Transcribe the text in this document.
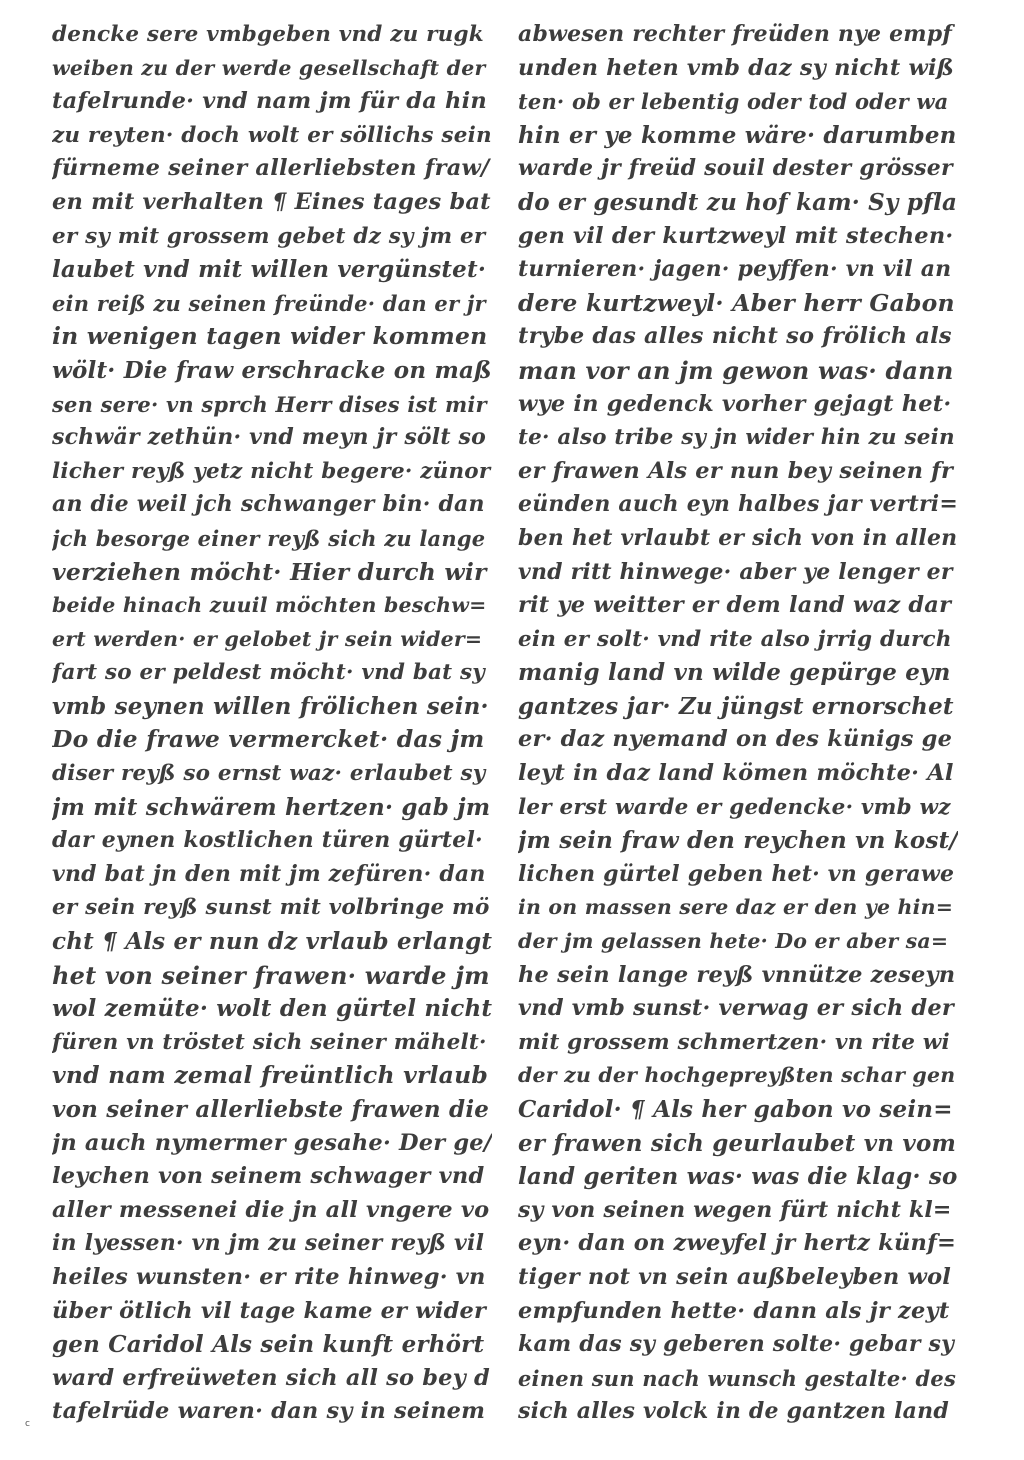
dencke sere vmbgeben vnd zu rugk
weiben zu der werde gesellschaft der
tafelrunde· vnd nam jm für da hin
zu reyten· doch wolt er söllichs sein
fürneme seiner allerliebsten fraw/
en mit verhalten ¶ Eines tages bat
er sy mit grossem gebet dz sy jm er
laubet vnd mit willen vergünstet·
ein reiß zu seinen freünde· dan er jr
in wenigen tagen wider kommen
wölt· Die fraw erschracke on maß
sen sere· vn sprch Herr dises ist mir
schwär zethün· vnd meyn jr sölt so
licher reyß yetz nicht begere· zünor
an die weil jch schwanger bin· dan
jch besorge einer reyß sich zu lange
verziehen möcht· Hier durch wir
beide hinach zuuil möchten beschw=
ert werden· er gelobet jr sein wider=
fart so er peldest möcht· vnd bat sy
vmb seynen willen frölichen sein·
Do die frawe vermercket· das jm
diser reyß so ernst waz· erlaubet sy
jm mit schwärem hertzen· gab jm
dar eynen kostlichen türen gürtel·
vnd bat jn den mit jm zefüren· dan
er sein reyß sunst mit volbringe mö
cht ¶ Als er nun dz vrlaub erlangt
het von seiner frawen· warde jm
wol zemüte· wolt den gürtel nicht
füren vn tröstet sich seiner mähelt·
vnd nam zemal freüntlich vrlaub
von seiner allerliebste frawen die
jn auch nymermer gesahe· Der ge/
leychen von seinem schwager vnd
aller messenei die jn all vngere vo
in lyessen· vn jm zu seiner reyß vil
heiles wunsten· er rite hinweg· vn
über ötlich vil tage kame er wider
gen Caridol Als sein kunft erhört
ward erfreüweten sich all so bey d
tafelrüde waren· dan sy in seinem
abwesen rechter freüden nye empf
unden heten vmb daz sy nicht wiß
ten· ob er lebentig oder tod oder wa
hin er ye komme wäre· darumben
warde jr freüd souil dester grösser
do er gesundt zu hof kam· Sy pfla
gen vil der kurtzweyl mit stechen·
turnieren· jagen· peyffen· vn vil an
dere kurtzweyl· Aber herr Gabon
trybe das alles nicht so frölich als
man vor an jm gewon was· dann
wye in gedenck vorher gejagt het·
te· also tribe sy jn wider hin zu sein
er frawen Als er nun bey seinen fr
eünden auch eyn halbes jar vertri=
ben het vrlaubt er sich von in allen
vnd ritt hinwege· aber ye lenger er
rit ye weitter er dem land waz dar
ein er solt· vnd rite also jrrig durch
manig land vn wilde gepürge eyn
gantzes jar· Zu jüngst ernorschet
er· daz nyemand on des künigs ge
leyt in daz land kömen möchte· Al
ler erst warde er gedencke· vmb wz
jm sein fraw den reychen vn kost/
lichen gürtel geben het· vn gerawe
in on massen sere daz er den ye hin=
der jm gelassen hete· Do er aber sa=
he sein lange reyß vnnütze zeseyn
vnd vmb sunst· verwag er sich der
mit grossem schmertzen· vn rite wi
der zu der hochgepreyßten schar gen
Caridol· ¶ Als her gabon vo sein=
er frawen sich geurlaubet vn vom
land geriten was· was die klag· so
sy von seinen wegen fürt nicht kl=
eyn· dan on zweyfel jr hertz künf=
tiger not vn sein außbeleyben wol
empfunden hette· dann als jr zeyt
kam das sy geberen solte· gebar sy
einen sun nach wunsch gestalte· des
sich alles volck in de gantzen land
c
